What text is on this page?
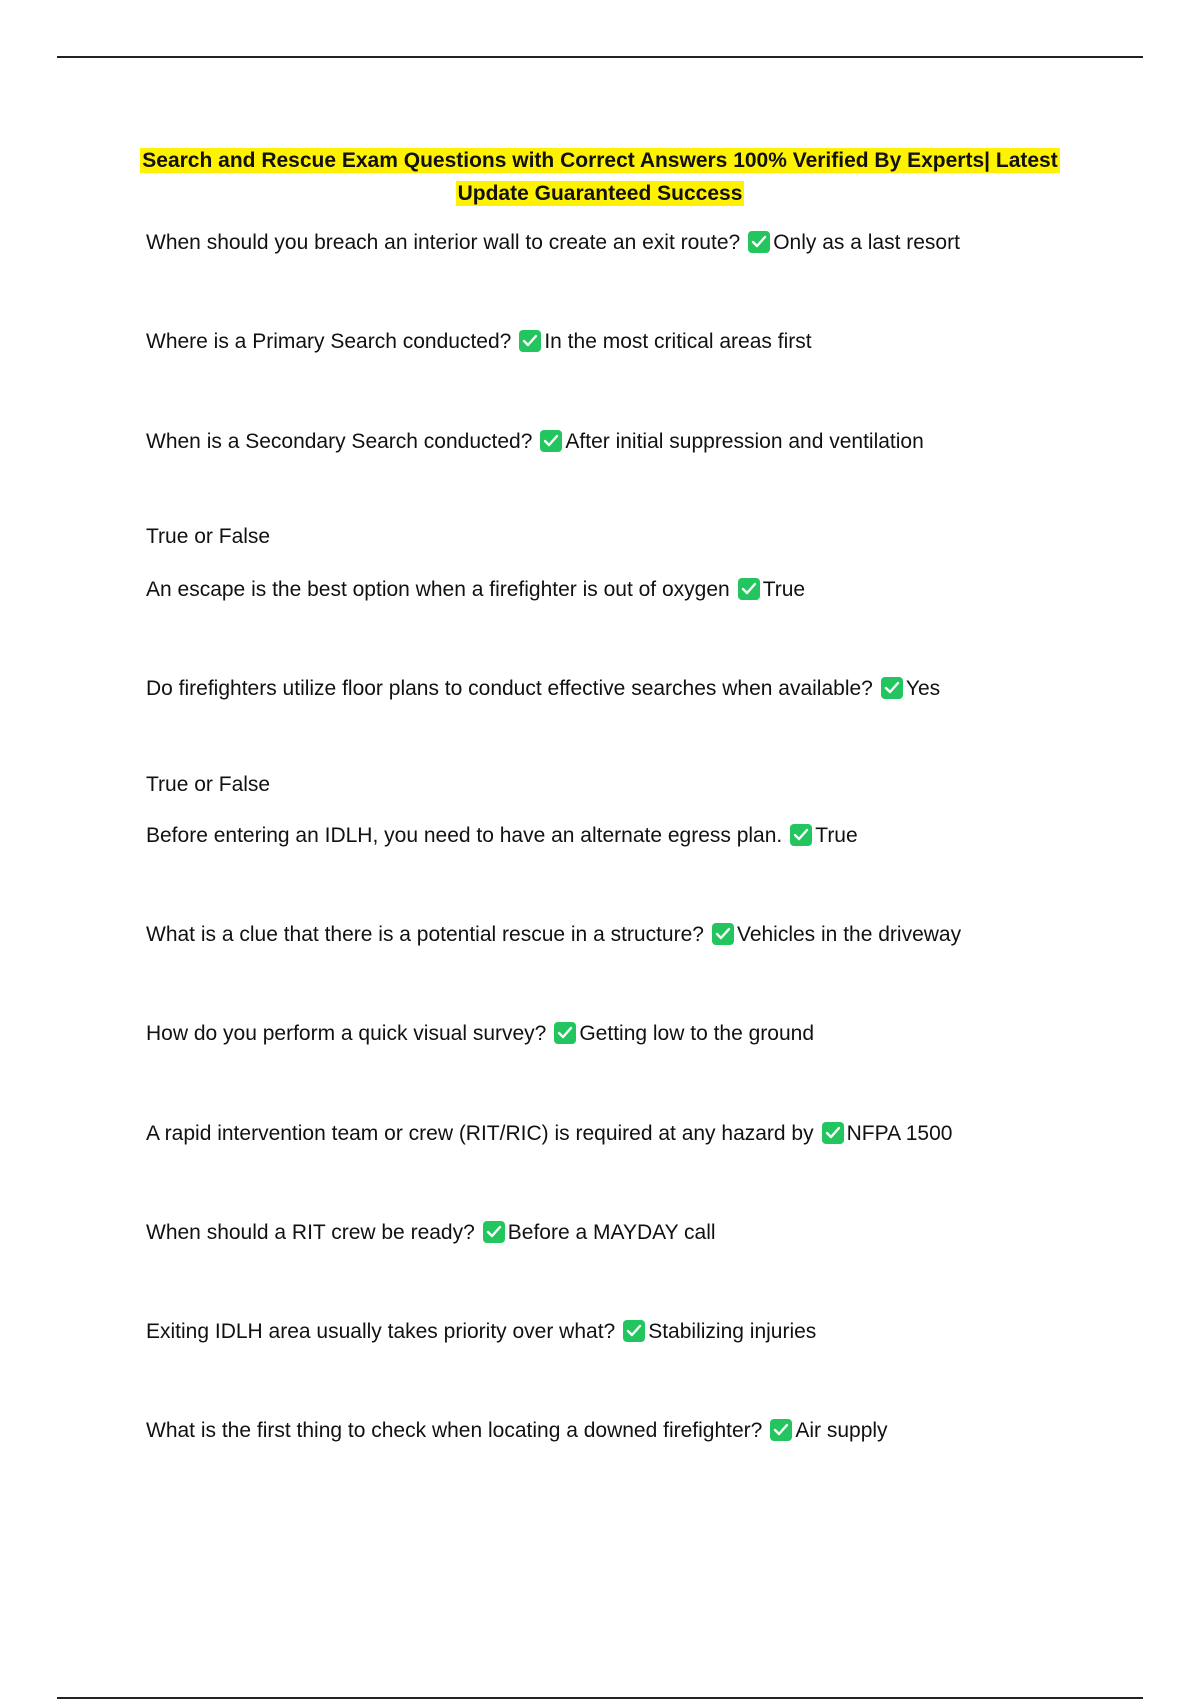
Search and Rescue Exam Questions with Correct Answers 100% Verified By Experts| Latest Update Guaranteed Success
When should you breach an interior wall to create an exit route? Only as a last resort
Where is a Primary Search conducted? In the most critical areas first
When is a Secondary Search conducted? After initial suppression and ventilation
True or False
An escape is the best option when a firefighter is out of oxygen True
Do firefighters utilize floor plans to conduct effective searches when available? Yes
True or False
Before entering an IDLH, you need to have an alternate egress plan. True
What is a clue that there is a potential rescue in a structure? Vehicles in the driveway
How do you perform a quick visual survey? Getting low to the ground
A rapid intervention team or crew (RIT/RIC) is required at any hazard by NFPA 1500
When should a RIT crew be ready? Before a MAYDAY call
Exiting IDLH area usually takes priority over what? Stabilizing injuries
What is the first thing to check when locating a downed firefighter? Air supply
